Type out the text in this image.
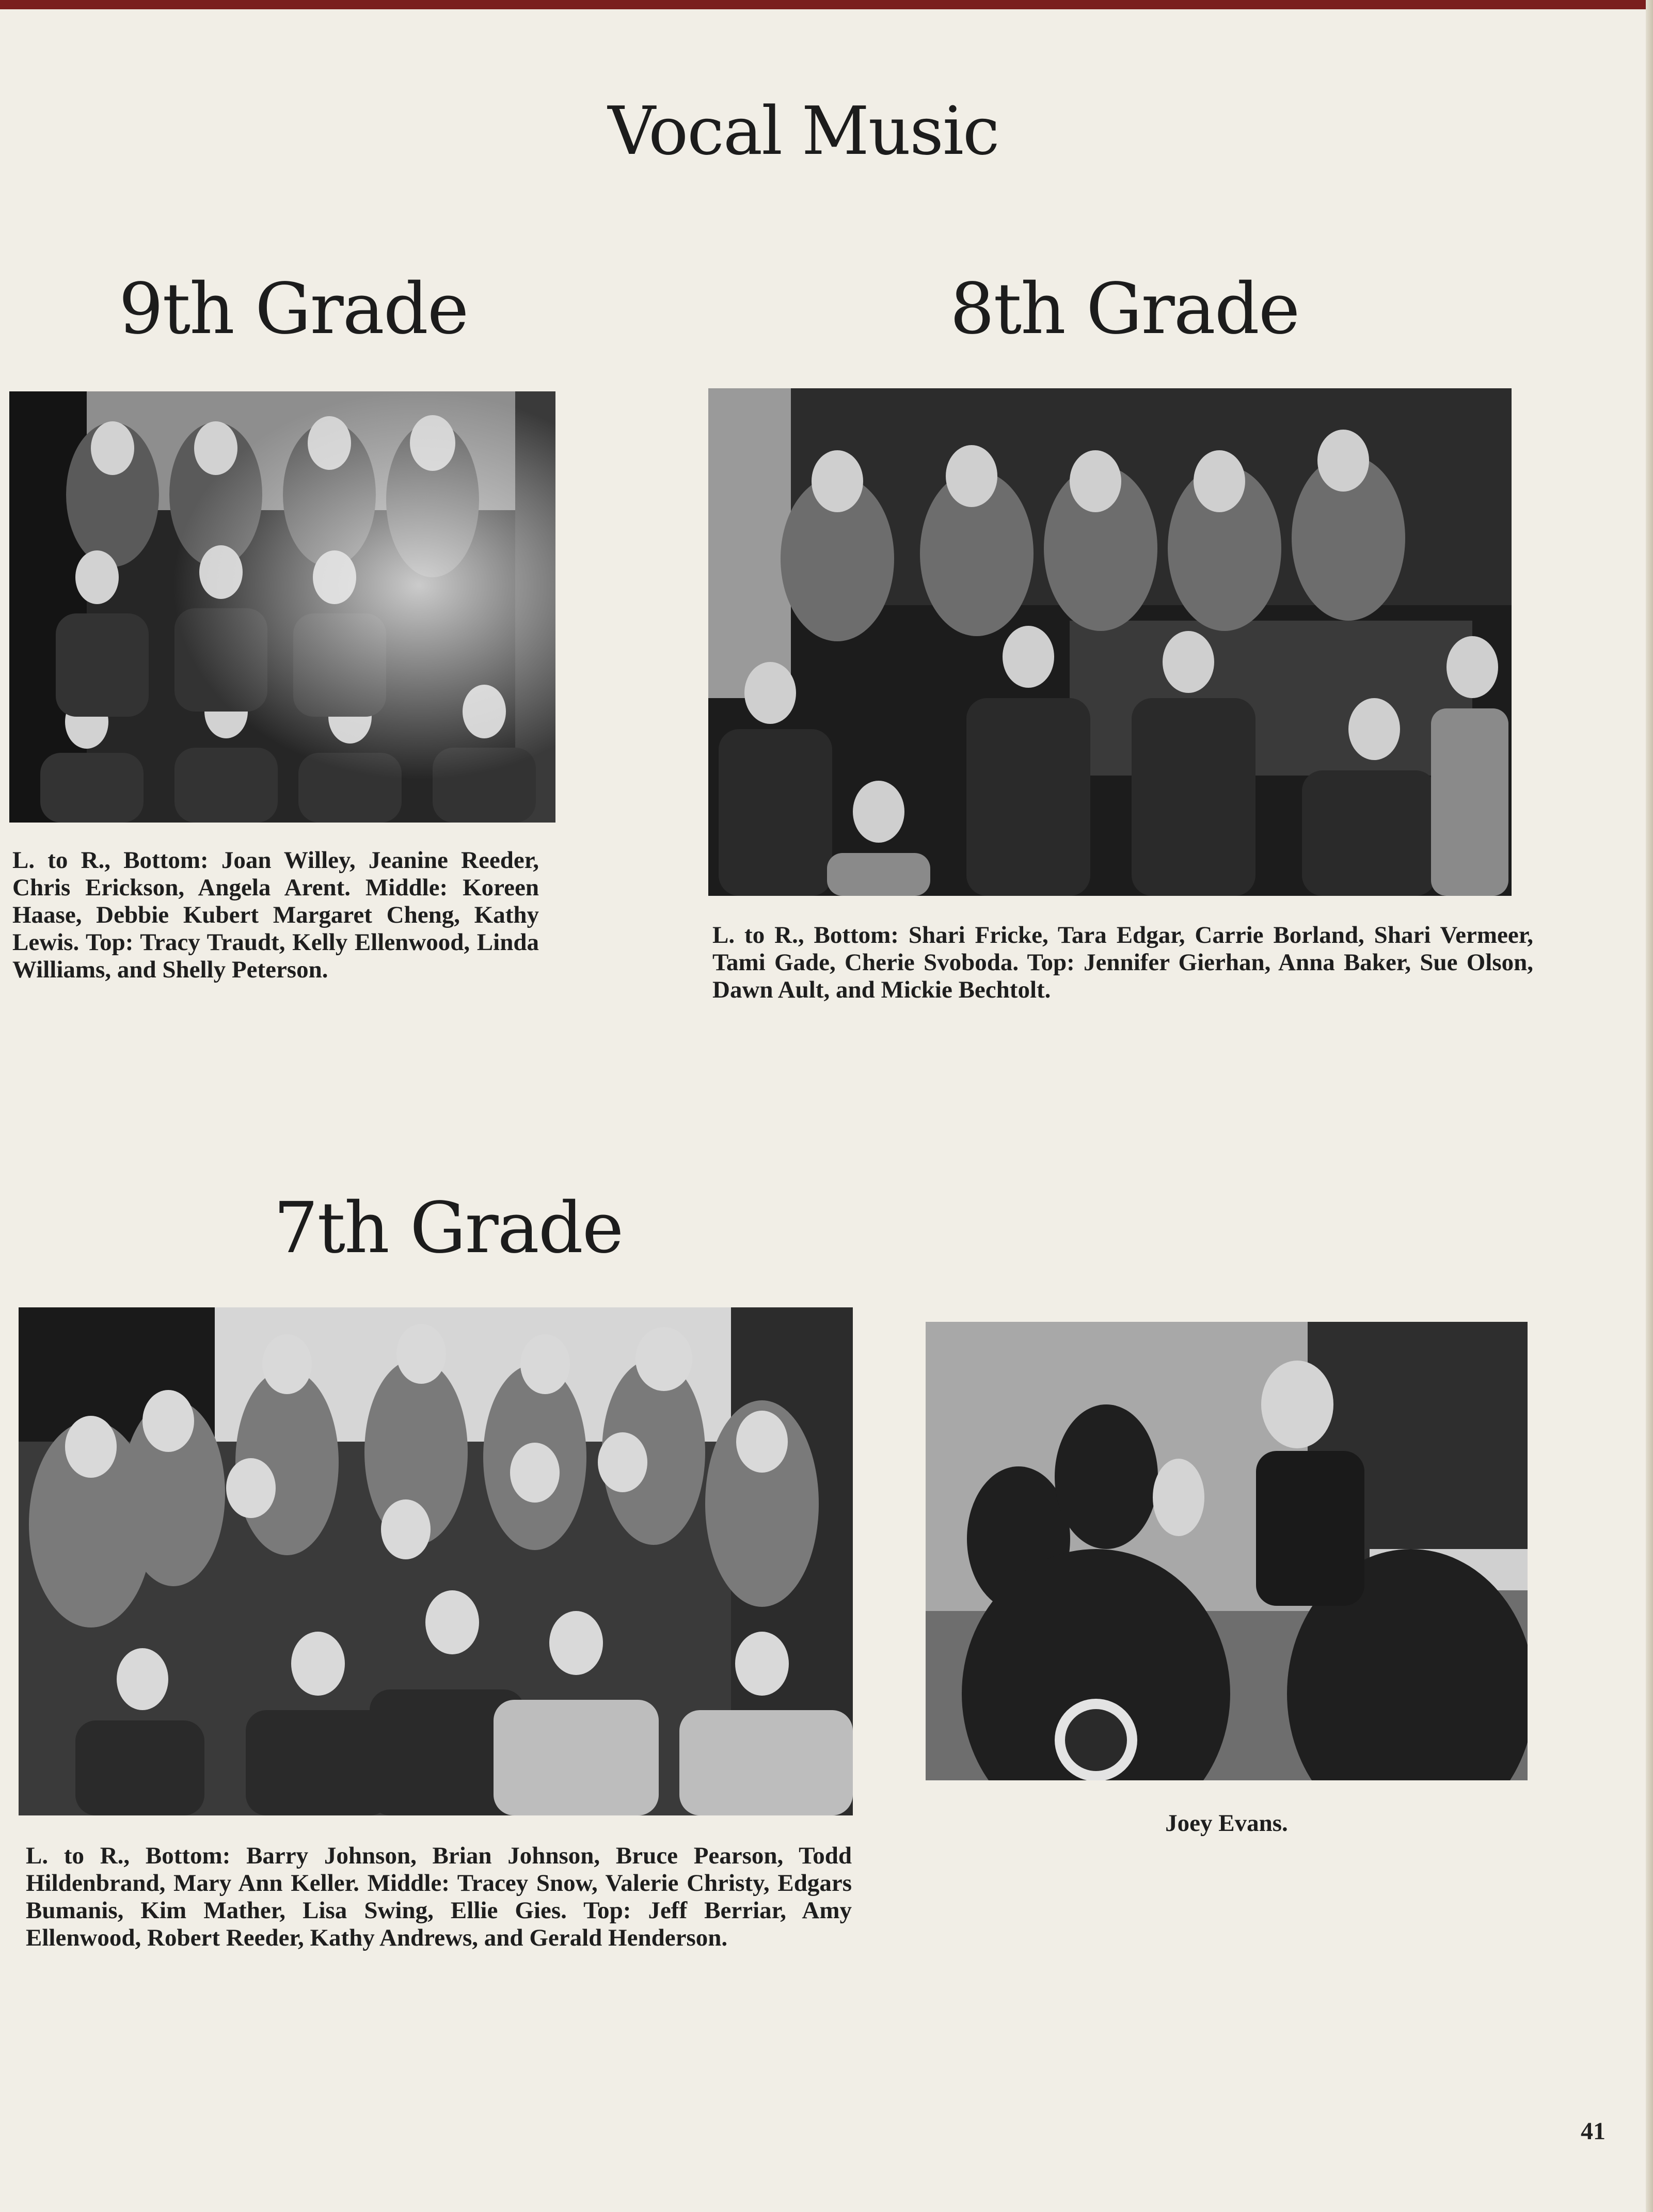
Vocal Music
9th Grade	8th Grade
7th Grade
L. to R., Bottom: Joan Willey, Jeanine Reeder, Chris Erickson, Angela Arent. Middle: Koreen Haase, Debbie Kubert Margaret Cheng, Kathy Lewis. Top: Tracy Traudt, Kelly Ellenwood, Linda Williams, and Shelly Peterson.
L. to R., Bottom: Shari Fricke, Tara Edgar, Carrie Borland, Shari Vermeer, Tami Gade, Cherie Svoboda. Top: Jennifer Gierhan, Anna Baker, Sue Olson, Dawn Ault, and Mickie Bechtolt.
L. to R., Bottom: Barry Johnson, Brian Johnson, Bruce Pearson, Todd Hildenbrand, Mary Ann Keller. Middle: Tracey Snow, Valerie Christy, Edgars Bumanis, Kim Mather, Lisa Swing, Ellie Gies. Top: Jeff Berriar, Amy Ellenwood, Robert Reeder, Kathy Andrews, and Gerald Henderson.
Joey Evans.
41
